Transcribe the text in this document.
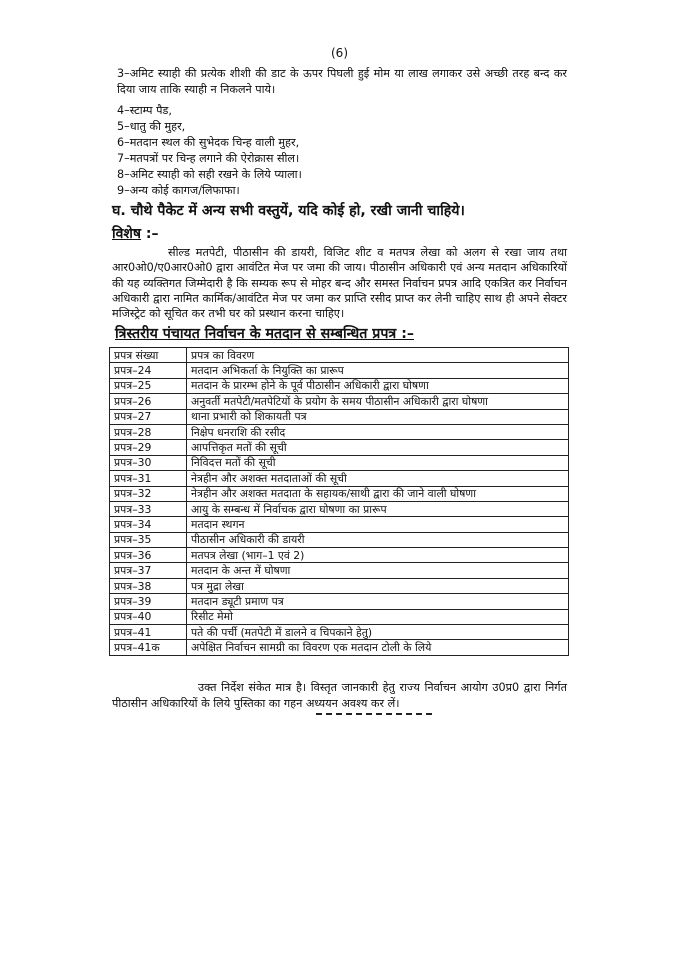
(6)

3–अमिट स्याही की प्रत्येक शीशी की डाट के ऊपर पिघली हुई मोम या लाख लगाकर उसे अच्छी तरह बन्द कर दिया जाय ताकि स्याही न निकलने पाये।

4–स्टाम्प पैड,

5–धातु की मुहर,

6–मतदान स्थल की सुभेदक चिन्ह वाली मुहर,

7–मतपत्रों पर चिन्ह लगाने की ऐरोक्रास सील।

8–अमिट स्याही को सही रखने के लिये प्याला।

9–अन्य कोई कागज/लिफाफा।

घ. चौथे पैकेट में अन्य सभी वस्तुयें, यदि कोई हो, रखी जानी चाहिये।
विशेष :–

सील्ड मतपेटी, पीठासीन की डायरी, विजिट शीट व मतपत्र लेखा को अलग से रखा जाय तथा आर0ओ0/ए0आर0ओ0 द्वारा आवंटित मेज पर जमा की जाय। पीठासीन अधिकारी एवं अन्य मतदान अधिकारियों की यह व्यक्तिगत जिम्मेदारी है कि सम्यक रूप से मोहर बन्द और समस्त निर्वाचन प्रपत्र आदि एकत्रित कर निर्वाचन अधिकारी द्वारा नामित कार्मिक/आवंटित मेज पर जमा कर प्राप्ति रसीद प्राप्त कर लेनी चाहिए साथ ही अपने सेक्टर मजिस्ट्रेट को सूचित कर तभी घर को प्रस्थान करना चाहिए।

त्रिस्तरीय पंचायत निर्वाचन के मतदान से सम्बन्धित प्रपत्र :–
प्रपत्र संख्या	प्रपत्र का विवरण
प्रपत्र–24	मतदान अभिकर्ता के नियुक्ति का प्रारूप
प्रपत्र–25	मतदान के प्रारम्भ होने के पूर्व पीठासीन अधिकारी द्वारा घोषणा
प्रपत्र–26	अनुवर्ती मतपेटी/मतपेटियों के प्रयोग के समय पीठासीन अधिकारी द्वारा घोषणा
प्रपत्र–27	थाना प्रभारी को शिकायती पत्र
प्रपत्र–28	निक्षेप धनराशि की रसीद
प्रपत्र–29	आपत्तिकृत मतों की सूची
प्रपत्र–30	निविदत्त मतों की सूची
प्रपत्र–31	नेत्रहीन और अशक्त मतदाताओं की सूची
प्रपत्र–32	नेत्रहीन और अशक्त मतदाता के सहायक/साथी द्वारा की जाने वाली घोषणा
प्रपत्र–33	आयु के सम्बन्ध में निर्वाचक द्वारा घोषणा का प्रारूप
प्रपत्र–34	मतदान स्थगन
प्रपत्र–35	पीठासीन अधिकारी की डायरी
प्रपत्र–36	मतपत्र लेखा (भाग–1 एवं 2)
प्रपत्र–37	मतदान के अन्त में घोषणा
प्रपत्र–38	पत्र मुद्रा लेखा
प्रपत्र–39	मतदान ड्यूटी प्रमाण पत्र
प्रपत्र–40	रिसीट मेमो
प्रपत्र–41	पते की पर्ची (मतपेटी में डालने व चिपकाने हेतु)
प्रपत्र–41क	अपेक्षित निर्वाचन सामग्री का विवरण एक मतदान टोली के लिये

उक्त निर्देश संकेत मात्र है। विस्तृत जानकारी हेतु राज्य निर्वाचन आयोग उ0प्र0 द्वारा निर्गत पीठासीन अधिकारियों के लिये पुस्तिका का गहन अध्ययन अवश्य कर लें।
